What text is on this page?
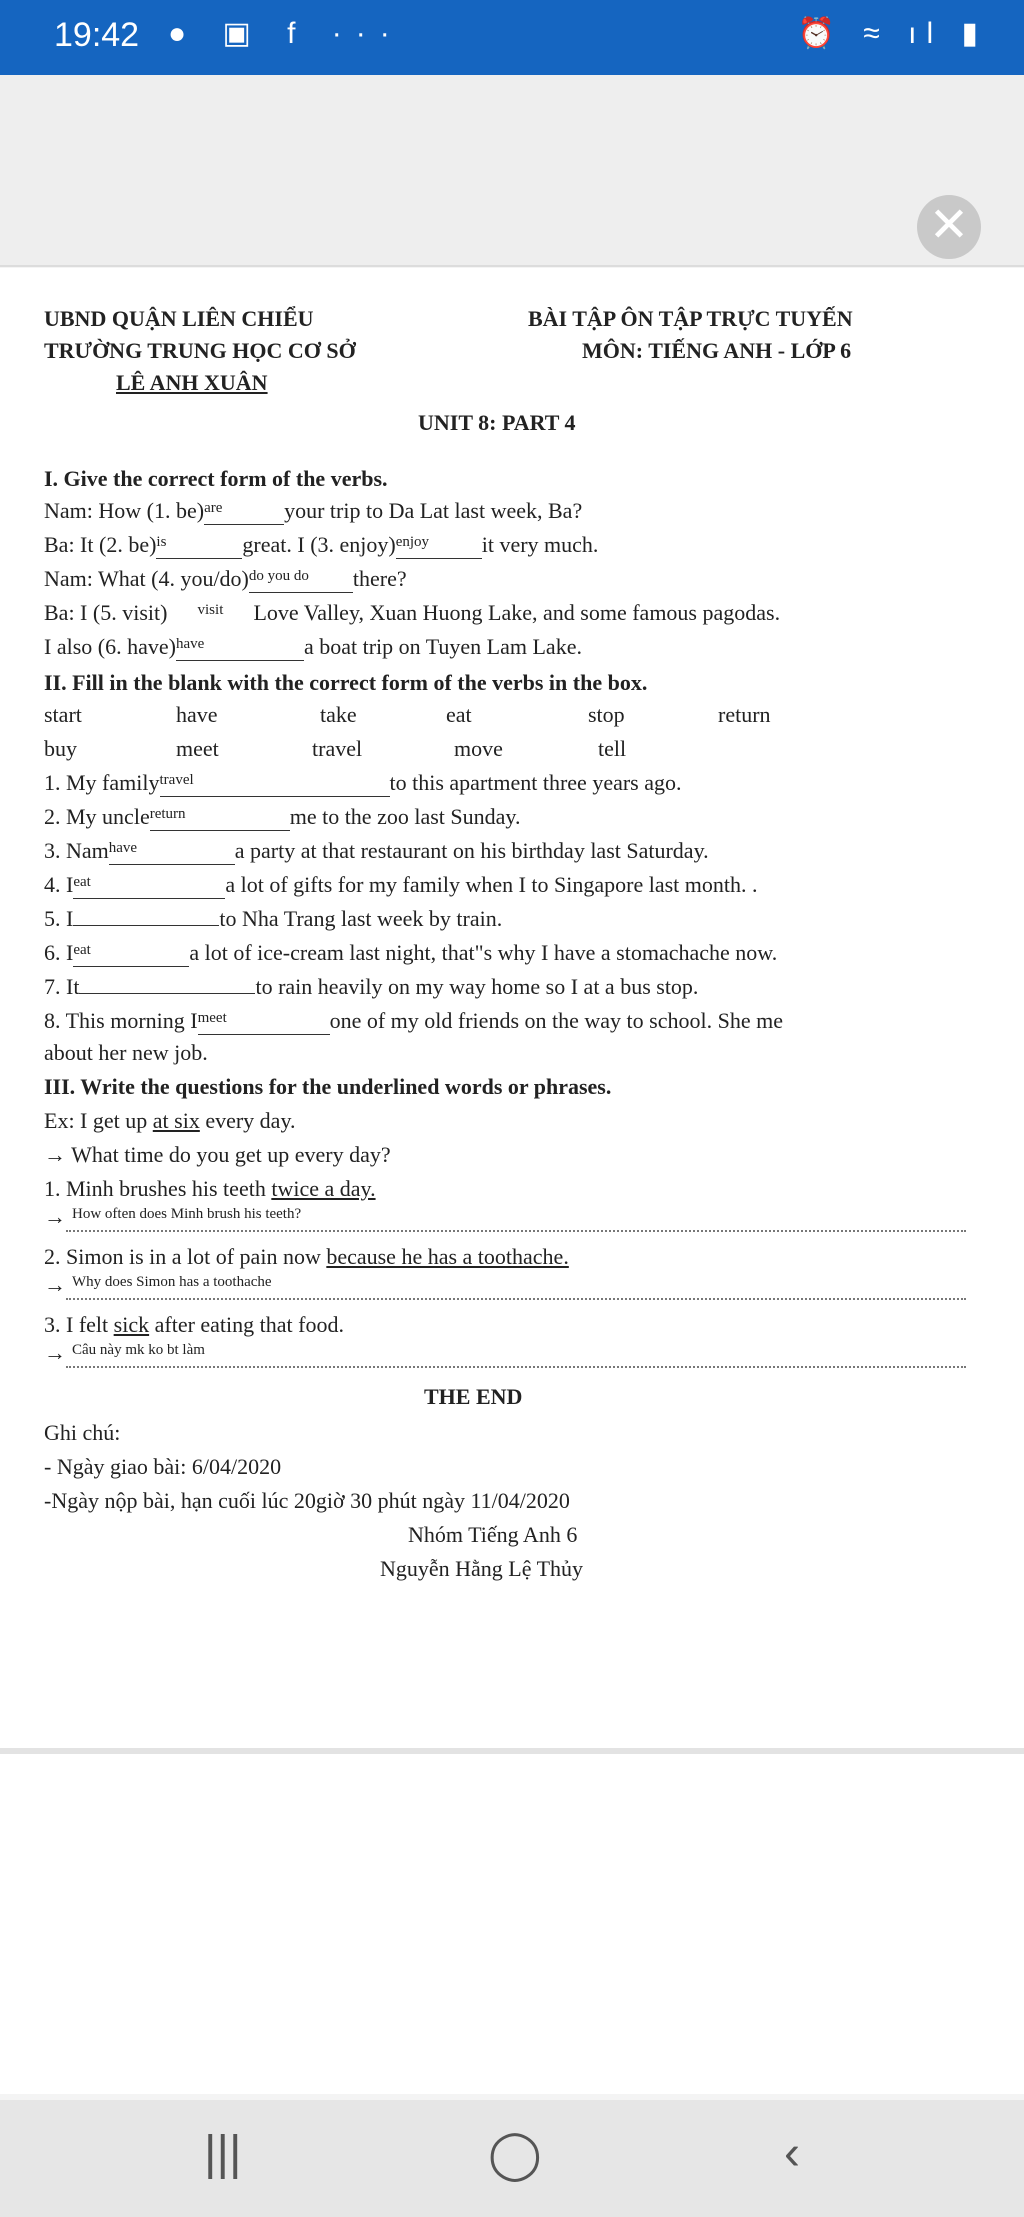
19:42 ● ▣ f ···	⏰ ≈ ıl ▮
✕
UBND QUẬN LIÊN CHIỂU
TRƯỜNG TRUNG HỌC CƠ SỞ
LÊ ANH XUÂN
BÀI TẬP ÔN TẬP TRỰC TUYẾN
MÔN: TIẾNG ANH - LỚP 6
UNIT 8: PART 4
I. Give the correct form of the verbs.
Nam: How (1. be)$^{are}$	your trip to Da Lat last week, Ba?
Ba: It (2. be)$^{is}$	great. I (3. enjoy)$^{enjoy}$ it very much.
Nam: What (4. you/do)$^{do you do}$ there?
Ba: I (5. visit) $^{visit}$ Love Valley, Xuan Huong Lake, and some famous pagodas.
I also (6. have)$^{have}$	a boat trip on Tuyen Lam Lake.
II. Fill in the blank with the correct form of the verbs in the box.
start	have	take	eat	stop	return
buy	meet	travel	move	tell
1. My family$^{travel}$	to this apartment three years ago.
2. My uncle$^{return}$	me to the zoo last Sunday.
3. Nam$^{have}$	a party at that restaurant on his birthday last Saturday.
4. $I^{eat}$	a lot of gifts for my family when I to Singapore last month. .
5. I	to Nha Trang last week by train.
6. $I^{eat}$	a lot of ice-cream last night, that"s why I have a stomachache now.
7. It	to rain heavily on my way home so I at a bus stop.
8. This morning $I^{meet}$	one of my old friends on the way to school. She me
about her new job.
III. Write the questions for the underlined words or phrases.
Ex: I get up at six every day.
→ What time do you get up every day?
1. Minh brushes his teeth twice a day.
→ $^{How often does Minh brush his teeth?}$
2. Simon is in a lot of pain now because he has a toothache.
→ $^{Why does Simon has a toothache}$
3. I felt sick after eating that food.
→ $^{Câu này mk ko bt làm}$
THE END
Ghi chú:
- Ngày giao bài: 6/04/2020
-Ngày nộp bài, hạn cuối lúc 20giờ 30 phút ngày 11/04/2020
Nhóm Tiếng Anh 6
Nguyễn Hằng Lệ Thủy
|||	◯	‹
